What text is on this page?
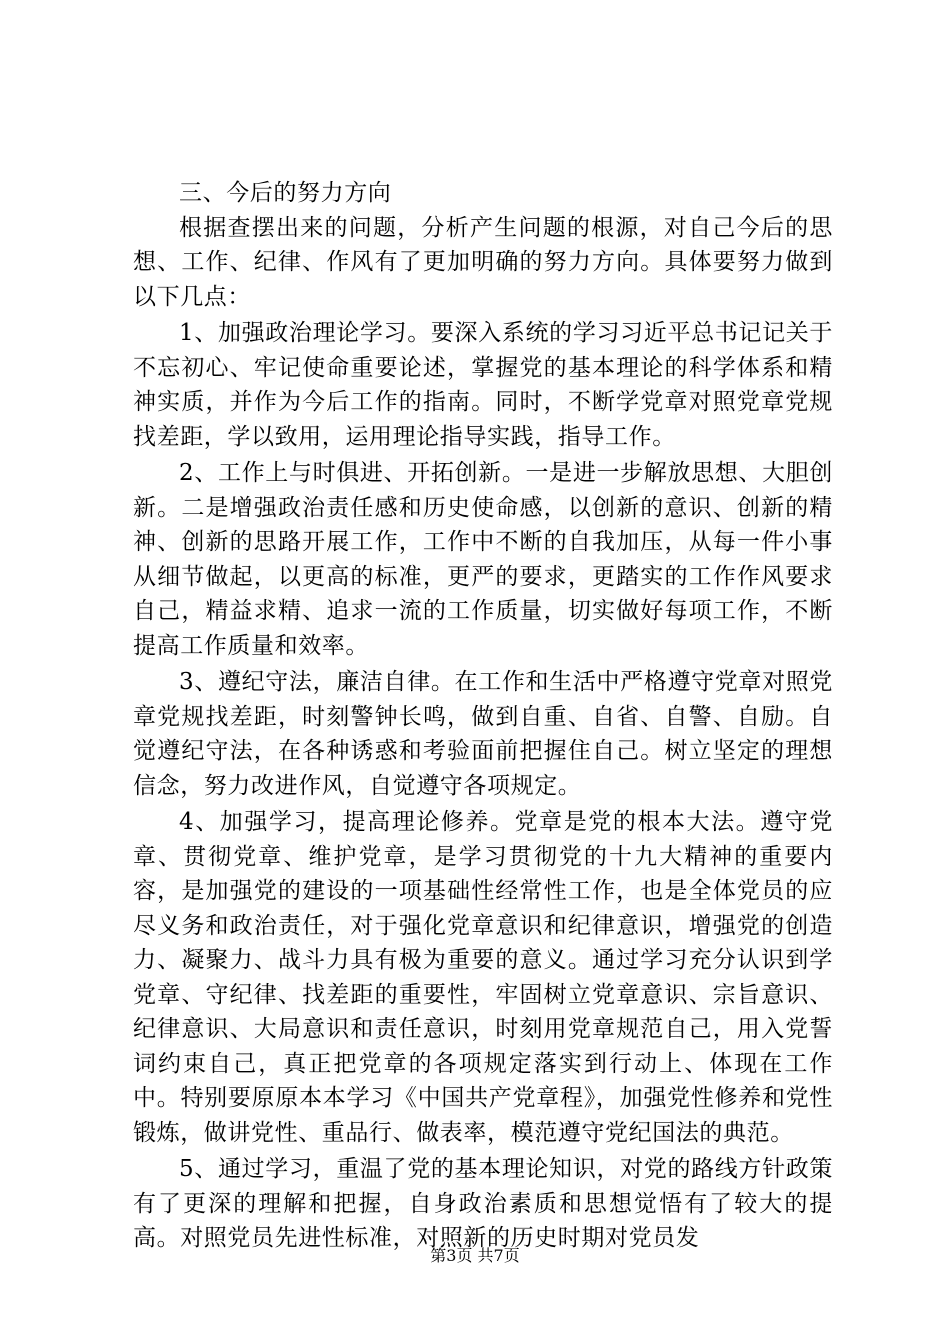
三、今后的努力方向

根据查摆出来的问题，分析产生问题的根源，对自己今后的思想、工作、纪律、作风有了更加明确的努力方向。具体要努力做到以下几点：

1、加强政治理论学习。要深入系统的学习习近平总书记记关于不忘初心、牢记使命重要论述，掌握党的基本理论的科学体系和精神实质，并作为今后工作的指南。同时，不断学党章对照党章党规找差距，学以致用，运用理论指导实践，指导工作。

2、工作上与时俱进、开拓创新。一是进一步解放思想、大胆创新。二是增强政治责任感和历史使命感，以创新的意识、创新的精神、创新的思路开展工作，工作中不断的自我加压，从每一件小事从细节做起，以更高的标准，更严的要求，更踏实的工作作风要求自己，精益求精、追求一流的工作质量，切实做好每项工作，不断提高工作质量和效率。

3、遵纪守法，廉洁自律。在工作和生活中严格遵守党章对照党章党规找差距，时刻警钟长鸣，做到自重、自省、自警、自励。自觉遵纪守法，在各种诱惑和考验面前把握住自己。树立坚定的理想信念，努力改进作风，自觉遵守各项规定。

4、加强学习，提高理论修养。党章是党的根本大法。遵守党章、贯彻党章、维护党章，是学习贯彻党的十九大精神的重要内容，是加强党的建设的一项基础性经常性工作，也是全体党员的应尽义务和政治责任，对于强化党章意识和纪律意识，增强党的创造力、凝聚力、战斗力具有极为重要的意义。通过学习充分认识到学党章、守纪律、找差距的重要性，牢固树立党章意识、宗旨意识、纪律意识、大局意识和责任意识，时刻用党章规范自己，用入党誓词约束自己，真正把党章的各项规定落实到行动上、体现在工作中。特别要原原本本学习《中国共产党章程》，加强党性修养和党性锻炼，做讲党性、重品行、做表率，模范遵守党纪国法的典范。

5、通过学习，重温了党的基本理论知识，对党的路线方针政策有了更深的理解和把握，自身政治素质和思想觉悟有了较大的提高。对照党员先进性标准，对照新的历史时期对党员发

第3页 共7页
